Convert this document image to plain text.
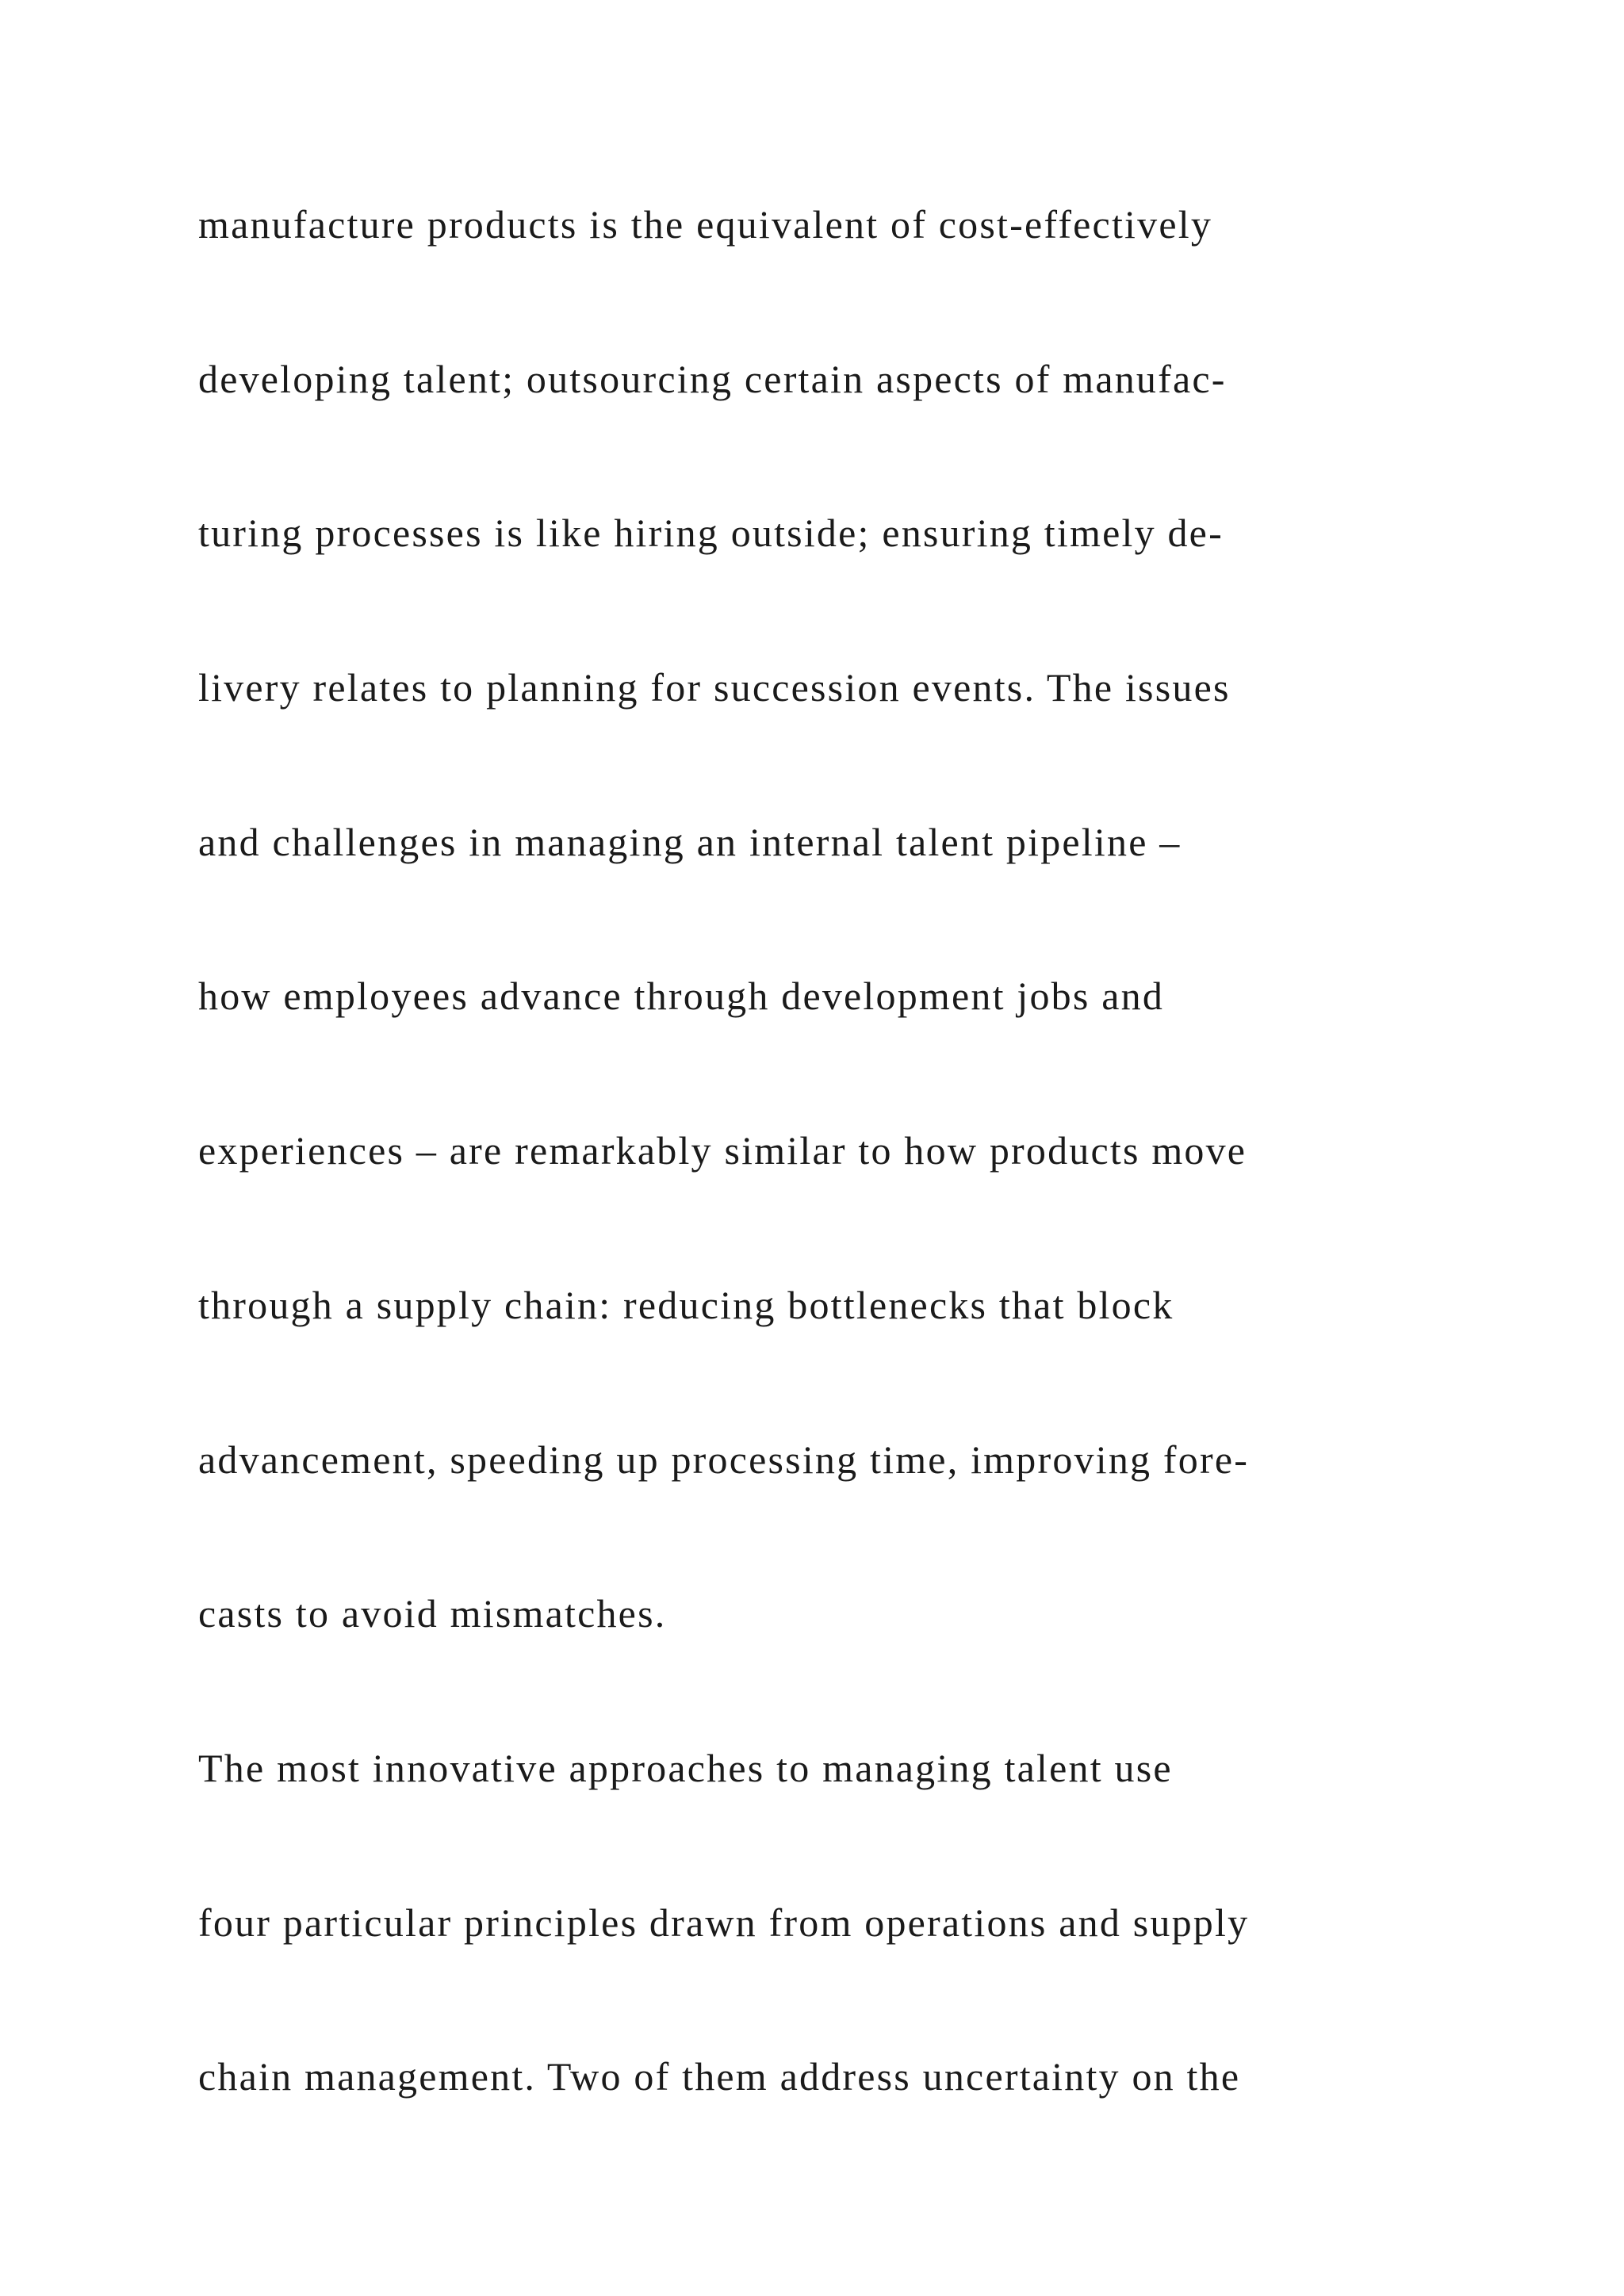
manufacture products is the equivalent of cost-effectively
developing talent; outsourcing certain aspects of manufac-
turing processes is like hiring outside; ensuring timely de-
livery relates to planning for succession events. The issues
and challenges in managing an internal talent pipeline –
how employees advance through development jobs and
experiences – are remarkably similar to how products move
through a supply chain: reducing bottlenecks that block
advancement, speeding up processing time, improving fore-
casts to avoid mismatches.
The most innovative approaches to managing talent use
four particular principles drawn from operations and supply
chain management. Two of them address uncertainty on the
